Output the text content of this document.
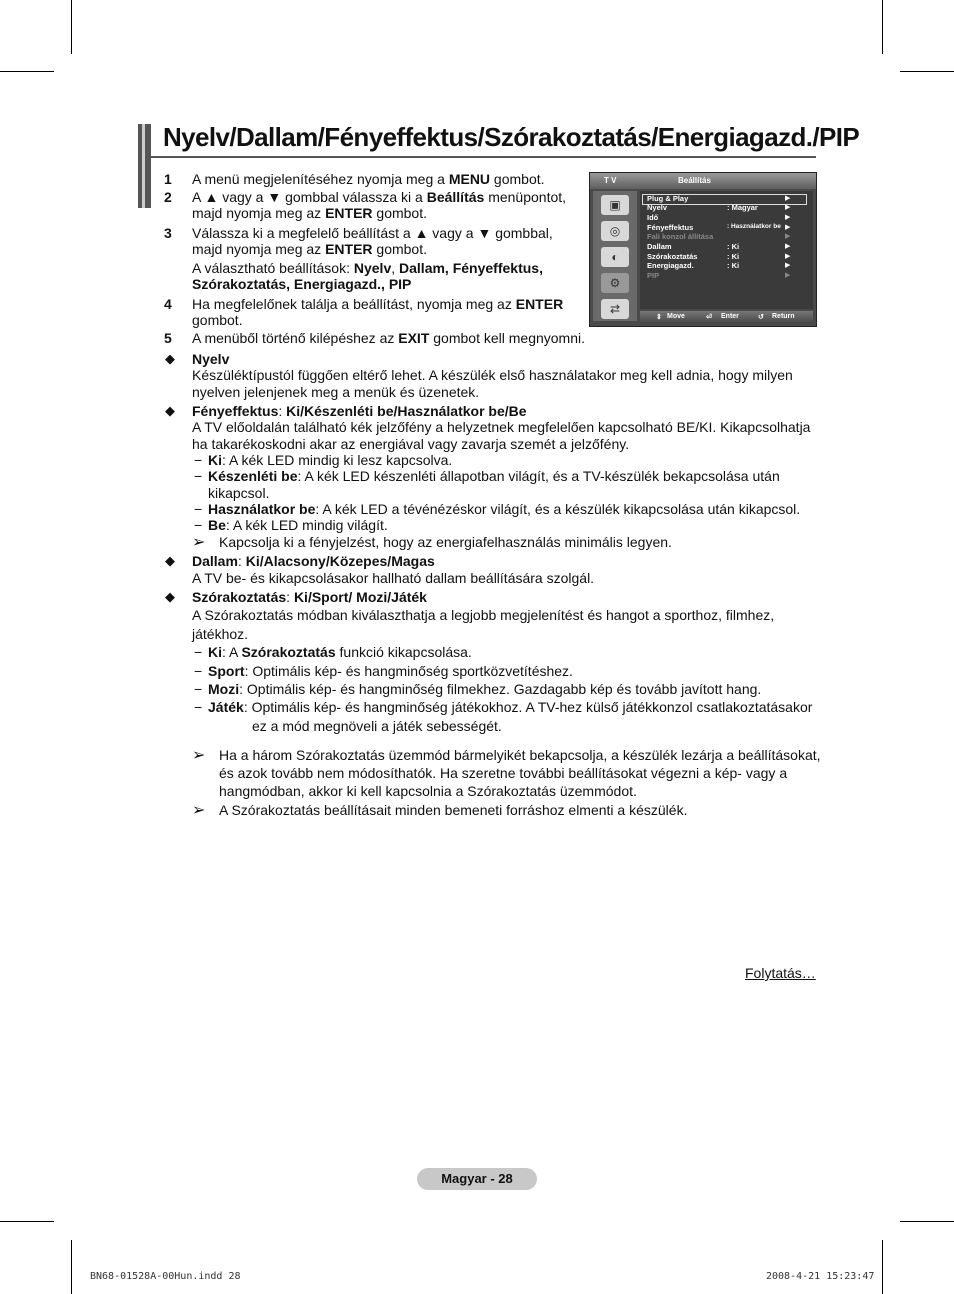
Nyelv/Dallam/Fényeffektus/Szórakoztatás/Energiagazd./PIP
1 A menü megjelenítéséhez nyomja meg a MENU gombot.
2 A ▲ vagy a ▼ gombbal válassza ki a Beállítás menüpontot,
majd nyomja meg az ENTER gombot.
3 Válassza ki a megfelelő beállítást a ▲ vagy a ▼ gombbal,
majd nyomja meg az ENTER gombot.
A választható beállítások: Nyelv, Dallam, Fényeffektus,
Szórakoztatás, Energiagazd., PIP
4 Ha megfelelőnek találja a beállítást, nyomja meg az ENTER
gombot.
5 A menüből történő kilépéshez az EXIT gombot kell megnyomni.
◆ Nyelv
Készüléktípustól függően eltérő lehet. A készülék első használatakor meg kell adnia, hogy milyen
nyelven jelenjenek meg a menük és üzenetek.
◆ Fényeffektus: Ki/Készenléti be/Használatkor be/Be
A TV előoldalán található kék jelzőfény a helyzetnek megfelelően kapcsolható BE/KI. Kikapcsolhatja
ha takarékoskodni akar az energiával vagy zavarja szemét a jelzőfény.
− Ki: A kék LED mindig ki lesz kapcsolva.
− Készenléti be: A kék LED készenléti állapotban világít, és a TV-készülék bekapcsolása után
kikapcsol.
− Használatkor be: A kék LED a tévénézéskor világít, és a készülék kikapcsolása után kikapcsol.
− Be: A kék LED mindig világít.
➢ Kapcsolja ki a fényjelzést, hogy az energiafelhasználás minimális legyen.
◆ Dallam: Ki/Alacsony/Közepes/Magas
A TV be- és kikapcsolásakor hallható dallam beállítására szolgál.
◆ Szórakoztatás: Ki/Sport/ Mozi/Játék
A Szórakoztatás módban kiválaszthatja a legjobb megjelenítést és hangot a sporthoz, filmhez,
játékhoz.
− Ki: A Szórakoztatás funkció kikapcsolása.
− Sport: Optimális kép- és hangminőség sportközvetítéshez.
− Mozi: Optimális kép- és hangminőség filmekhez. Gazdagabb kép és tovább javított hang.
− Játék: Optimális kép- és hangminőség játékokhoz. A TV-hez külső játékkonzol csatlakoztatásakor
ez a mód megnöveli a játék sebességét.
➢ Ha a három Szórakoztatás üzemmód bármelyikét bekapcsolja, a készülék lezárja a beállításokat,
és azok tovább nem módosíthatók. Ha szeretne további beállításokat végezni a kép- vagy a
hangmódban, akkor ki kell kapcsolnia a Szórakoztatás üzemmódot.
➢ A Szórakoztatás beállításait minden bemeneti forráshoz elmenti a készülék.
T V	Beállítás
▣
◎
◐
⚙
⇄
Plug & Play	▶
Nyelv	: Magyar	▶
Idő	▶
Fényeffektus	: Használatkor be ▶
Fali konzol állítása	▶
Dallam	: Ki	▶
Szórakoztatás	: Ki	▶
Energiagazd.	: Ki	▶
PIP	▶
⇕ Move	⏎ Enter	↺ Return
Folytatás…
Magyar - 28
BN68-01528A-00Hun.indd 28	2008-4-21 15:23:47
